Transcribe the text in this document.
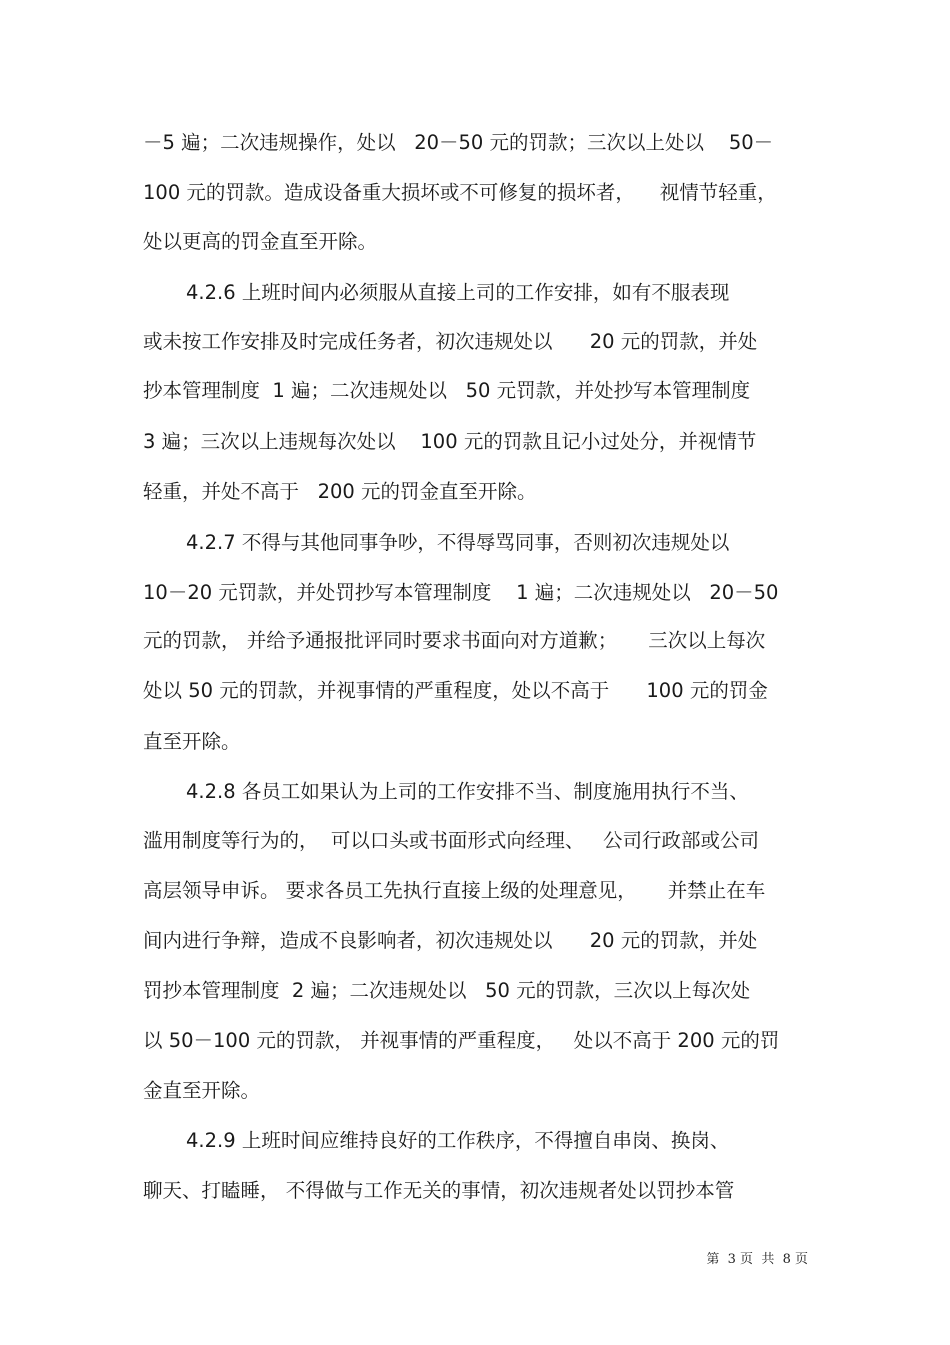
－5 遍；二次违规操作，处以   20－50 元的罚款；三次以上处以    50－
100 元的罚款。造成设备重大损坏或不可修复的损坏者，    视情节轻重，
处以更高的罚金直至开除。
4.2.6 上班时间内必须服从直接上司的工作安排，如有不服表现
或未按工作安排及时完成任务者，初次违规处以      20 元的罚款，并处
抄本管理制度  1 遍；二次违规处以   50 元罚款，并处抄写本管理制度
3 遍；三次以上违规每次处以    100 元的罚款且记小过处分，并视情节
轻重，并处不高于   200 元的罚金直至开除。
4.2.7 不得与其他同事争吵，不得辱骂同事，否则初次违规处以
10－20 元罚款，并处罚抄写本管理制度    1 遍；二次违规处以   20－50
元的罚款， 并给予通报批评同时要求书面向对方道歉；     三次以上每次
处以 50 元的罚款，并视事情的严重程度，处以不高于      100 元的罚金
直至开除。
4.2.8 各员工如果认为上司的工作安排不当、制度施用执行不当、
滥用制度等行为的，  可以口头或书面形式向经理、   公司行政部或公司
高层领导申诉。 要求各员工先执行直接上级的处理意见，     并禁止在车
间内进行争辩，造成不良影响者，初次违规处以      20 元的罚款，并处
罚抄本管理制度  2 遍；二次违规处以   50 元的罚款，三次以上每次处
以 50－100 元的罚款， 并视事情的严重程度，   处以不高于 200 元的罚
金直至开除。
4.2.9 上班时间应维持良好的工作秩序，不得擅自串岗、换岗、
聊天、打瞌睡， 不得做与工作无关的事情，初次违规者处以罚抄本管
第  3 页  共  8 页
